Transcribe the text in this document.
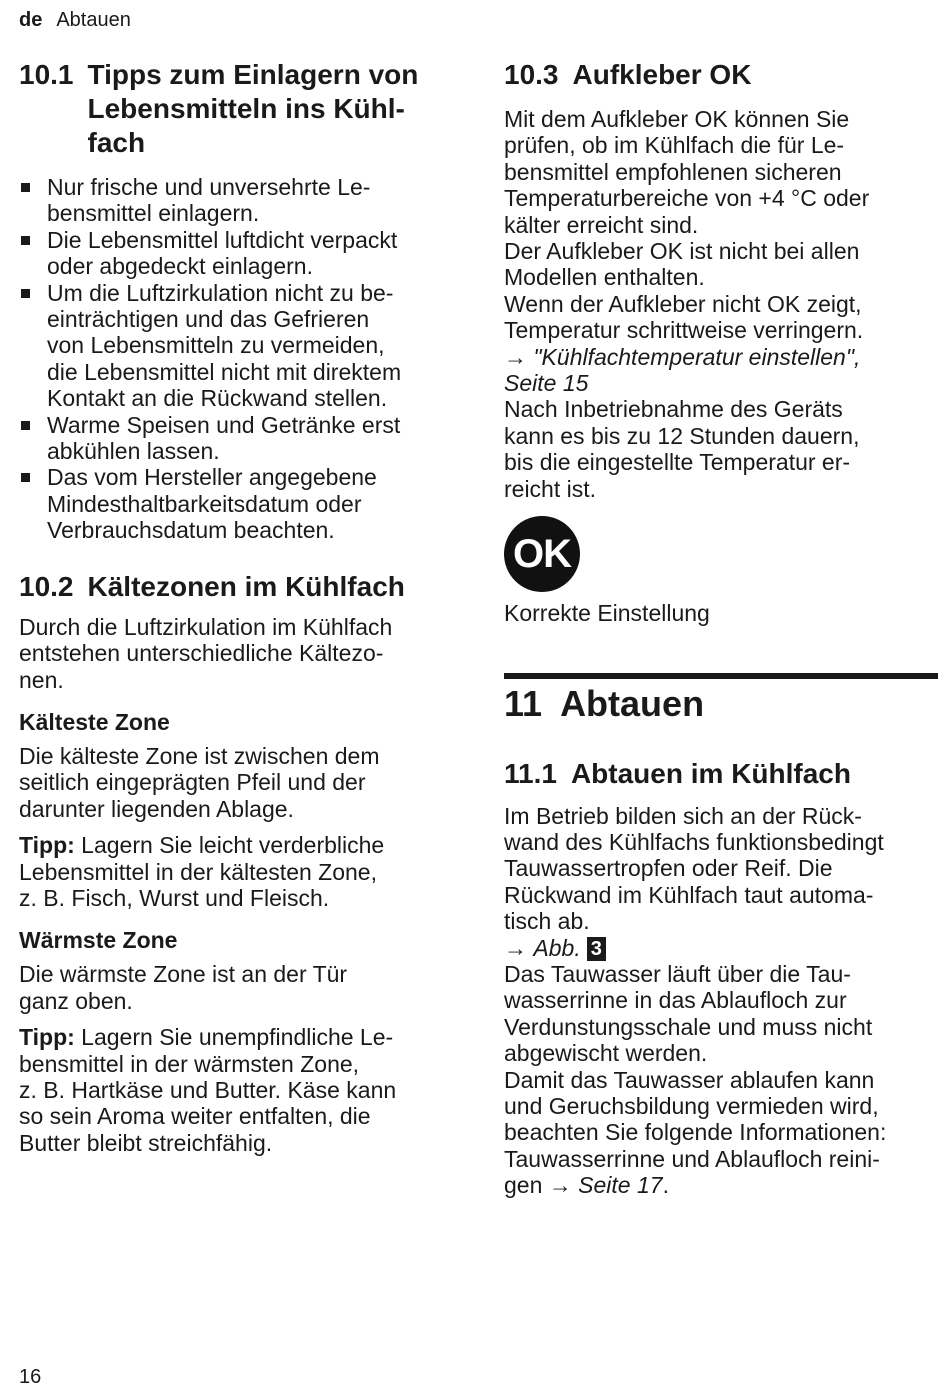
de Abtauen
10.1 Tipps zum Einlagern von
Lebensmitteln ins Kühl-
fach
Nur frische und unversehrte Le-
bensmittel einlagern.
Die Lebensmittel luftdicht verpackt
oder abgedeckt einlagern.
Um die Luftzirkulation nicht zu be-
einträchtigen und das Gefrieren
von Lebensmitteln zu vermeiden,
die Lebensmittel nicht mit direktem
Kontakt an die Rückwand stellen.
Warme Speisen und Getränke erst
abkühlen lassen.
Das vom Hersteller angegebene
Mindesthaltbarkeitsdatum oder
Verbrauchsdatum beachten.
10.2 Kältezonen im Kühlfach

Durch die Luftzirkulation im Kühlfach
entstehen unterschiedliche Kältezo-
nen.

Kälteste Zone

Die kälteste Zone ist zwischen dem
seitlich eingeprägten Pfeil und der
darunter liegenden Ablage.

Tipp: Lagern Sie leicht verderbliche
Lebensmittel in der kältesten Zone,
z. B. Fisch, Wurst und Fleisch.

Wärmste Zone

Die wärmste Zone ist an der Tür
ganz oben.

Tipp: Lagern Sie unempfindliche Le-
bensmittel in der wärmsten Zone,
z. B. Hartkäse und Butter. Käse kann
so sein Aroma weiter entfalten, die
Butter bleibt streichfähig.

10.3 Aufkleber OK

Mit dem Aufkleber OK können Sie
prüfen, ob im Kühlfach die für Le-
bensmittel empfohlenen sicheren
Temperaturbereiche von +4 °C oder
kälter erreicht sind.

Der Aufkleber OK ist nicht bei allen
Modellen enthalten.

Wenn der Aufkleber nicht OK zeigt,
Temperatur schrittweise verringern.

→ "Kühlfachtemperatur einstellen",
Seite 15

Nach Inbetriebnahme des Geräts
kann es bis zu 12 Stunden dauern,
bis die eingestellte Temperatur er-
reicht ist.

OK

Korrekte Einstellung

11 Abtauen
11.1 Abtauen im Kühlfach

Im Betrieb bilden sich an der Rück-
wand des Kühlfachs funktionsbedingt
Tauwassertropfen oder Reif. Die
Rückwand im Kühlfach taut automa-
tisch ab.

→ Abb. 3

Das Tauwasser läuft über die Tau-
wasserrinne in das Ablaufloch zur
Verdunstungsschale und muss nicht
abgewischt werden.

Damit das Tauwasser ablaufen kann
und Geruchsbildung vermieden wird,
beachten Sie folgende Informationen:
Tauwasserrinne und Ablaufloch reini-
gen → Seite 17.

16
